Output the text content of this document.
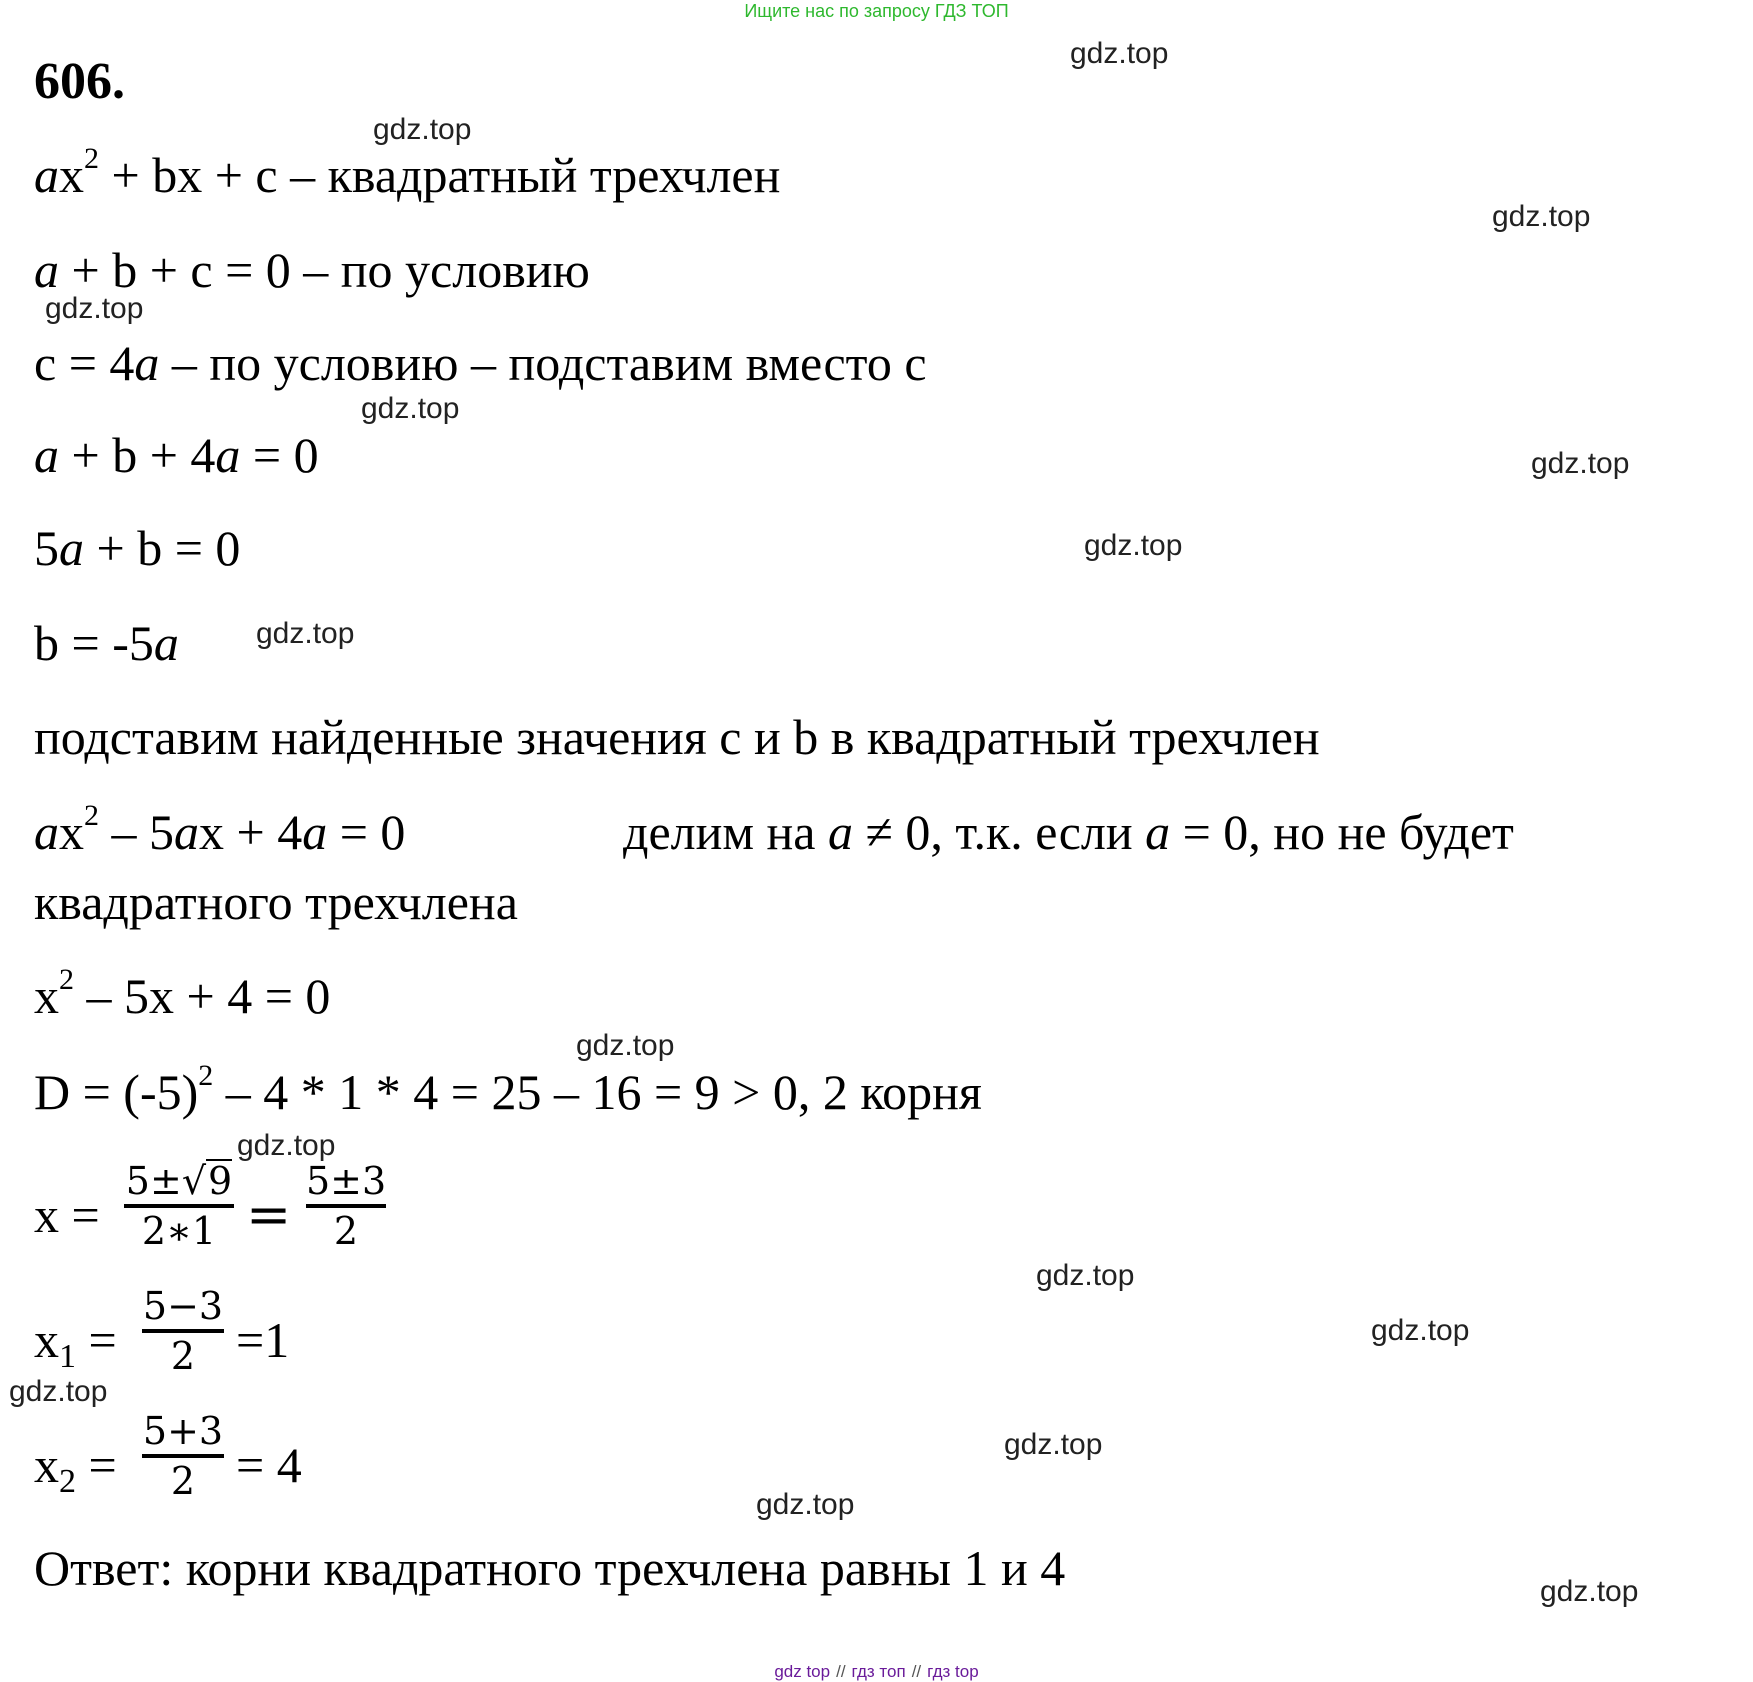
Ищите нас по запросу ГДЗ ТОП
gdz.top
gdz.top
gdz.top
gdz.top
gdz.top
gdz.top
gdz.top
gdz.top
gdz.top
gdz.top
gdz.top
gdz.top
gdz.top
gdz.top
gdz.top
gdz.top
606.
$ax^2$ + bx + c – квадратный трехчлен
a + b + c = 0 – по условию
c = 4a – по условию – подставим вместо с
a + b + 4a = 0
5a + b = 0
b = -5a
подставим найденные значения с и b в квадратный трехчлен
$ax^2 - 5ax + 4a = 0$	делим на a ≠ 0, т.к. если a = 0, но не будет
квадратного трехчлена
$x^2 - 5x + 4 = 0$
$D = (-5)^2 - 4 * 1 * 4 = 25 - 16 = 9 > 0$, 2 корня
x =
5±√9
2∗1 =
5±3
2
$x_1$ =
5−3
2 =1
$x_2$ =
5+3
2 = 4
Ответ: корни квадратного трехчлена равны 1 и 4
gdz top // гдз топ // гдз top
